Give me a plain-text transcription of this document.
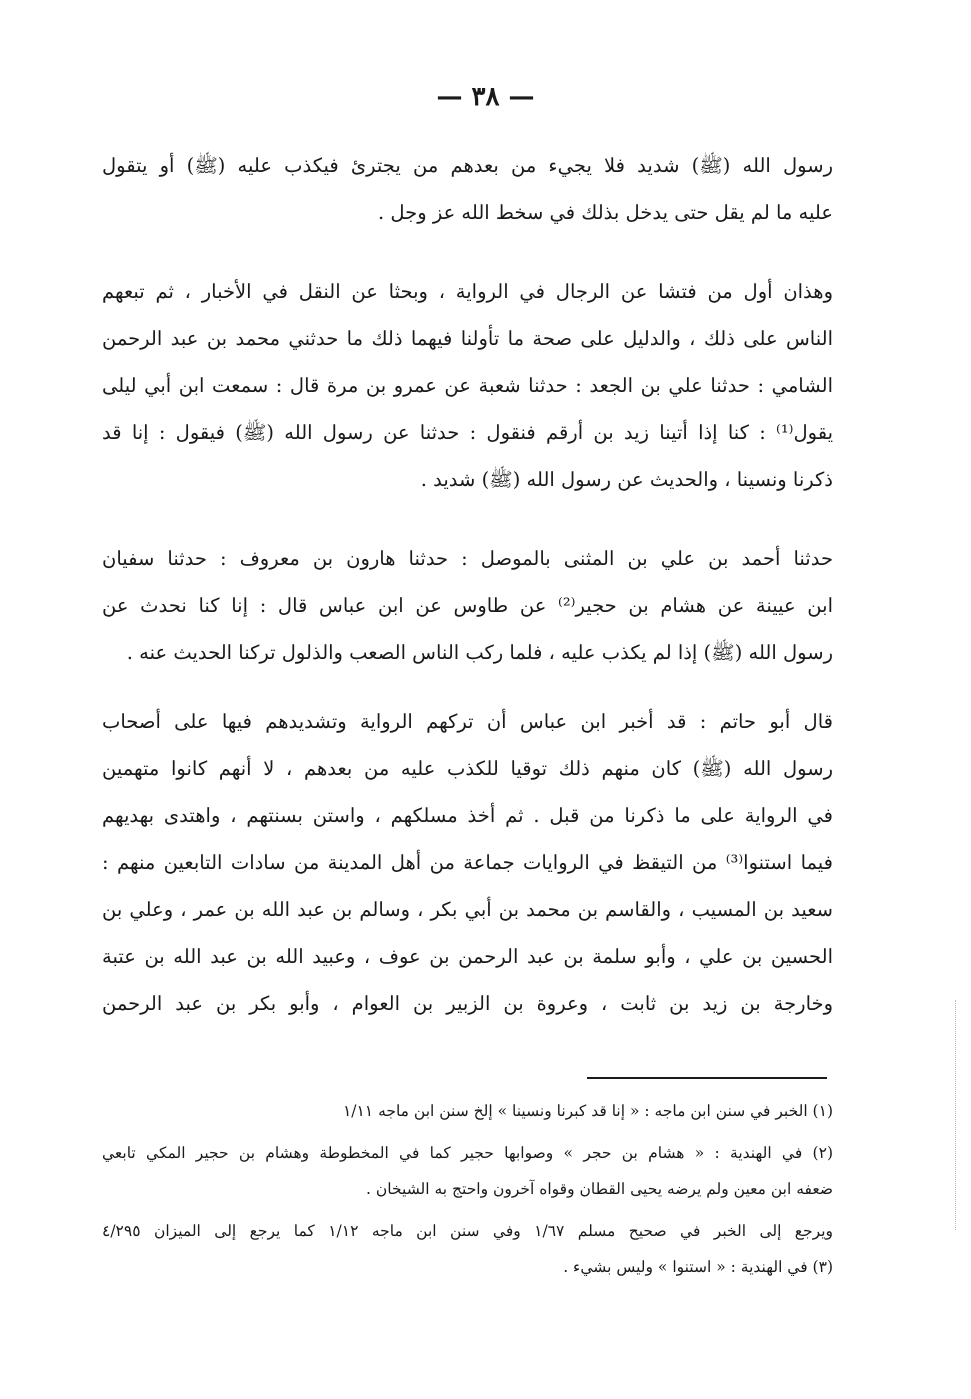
— ٣٨ —
رسول الله (ﷺ) شديد فلا يجيء من بعدهم من يجترئ فيكذب عليه (ﷺ) أو يتقول
عليه ما لم يقل حتى يدخل بذلك في سخط الله عز وجل .
وهذان أول من فتشا عن الرجال في الرواية ، وبحثا عن النقل في الأخبار ، ثم تبعهم
الناس على ذلك ، والدليل على صحة ما تأولنا فيهما ذلك ما حدثني محمد بن عبد الرحمن
الشامي : حدثنا علي بن الجعد : حدثنا شعبة عن عمرو بن مرة قال : سمعت ابن أبي ليلى
يقول⁽¹⁾ : كنا إذا أتينا زيد بن أرقم فنقول : حدثنا عن رسول الله (ﷺ) فيقول : إنا قد
ذكرنا ونسينا ، والحديث عن رسول الله (ﷺ) شديد .
حدثنا أحمد بن علي بن المثنى بالموصل : حدثنا هارون بن معروف : حدثنا سفيان
ابن عيينة عن هشام بن حجير⁽²⁾ عن طاوس عن ابن عباس قال : إنا كنا نحدث عن
رسول الله (ﷺ) إذا لم يكذب عليه ، فلما ركب الناس الصعب والذلول تركنا الحديث عنه .
قال أبو حاتم : قد أخبر ابن عباس أن تركهم الرواية وتشديدهم فيها على أصحاب
رسول الله (ﷺ) كان منهم ذلك توقيا للكذب عليه من بعدهم ، لا أنهم كانوا متهمين
في الرواية على ما ذكرنا من قبل . ثم أخذ مسلكهم ، واستن بسنتهم ، واهتدى بهديهم
فيما استنوا⁽³⁾ من التيقظ في الروايات جماعة من أهل المدينة من سادات التابعين منهم :
سعيد بن المسيب ، والقاسم بن محمد بن أبي بكر ، وسالم بن عبد الله بن عمر ، وعلي بن
الحسين بن علي ، وأبو سلمة بن عبد الرحمن بن عوف ، وعبيد الله بن عبد الله بن عتبة
وخارجة بن زيد بن ثابت ، وعروة بن الزبير بن العوام ، وأبو بكر بن عبد الرحمن
(١) الخبر في سنن ابن ماجه : « إنا قد كبرنا ونسينا » إلخ سنن ابن ماجه ١/١١
(٢) في الهندية : « هشام بن حجر » وصوابها حجير كما في المخطوطة وهشام بن حجير المكي تابعي
ضعفه ابن معين ولم يرضه يحيى القطان وقواه آخرون واحتج به الشيخان .
ويرجع إلى الخبر في صحيح مسلم ١/٦٧ وفي سنن ابن ماجه ١/١٢ كما يرجع إلى الميزان ٤/٢٩٥
(٣) في الهندية : « استنوا » وليس بشيء .
